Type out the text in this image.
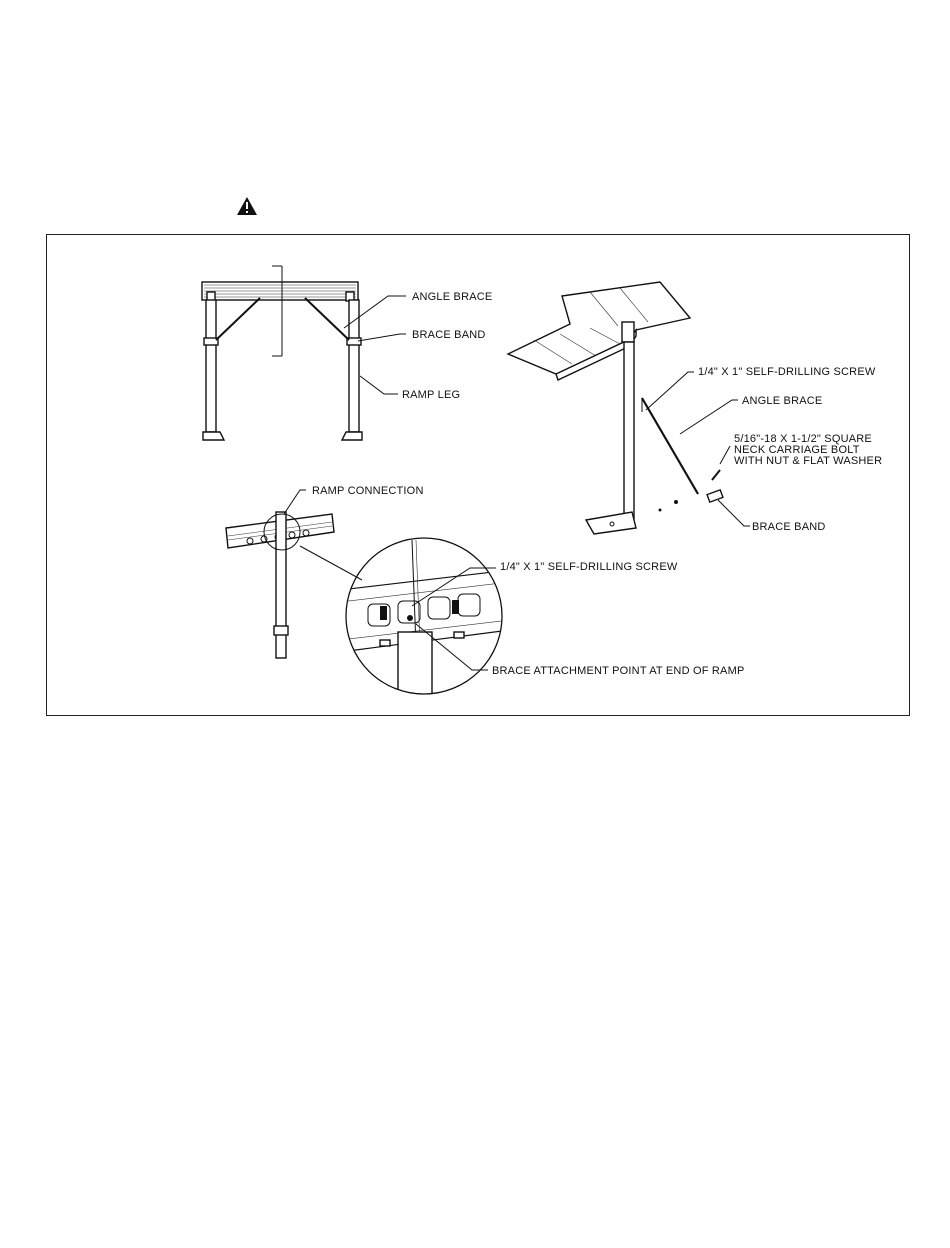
ANGLE BRACE
BRACE BAND
RAMP LEG
1/4" X 1" SELF-DRILLING SCREW
ANGLE BRACE
5/16"-18 X 1-1/2" SQUARE
NECK CARRIAGE BOLT
WITH NUT & FLAT WASHER
BRACE BAND
RAMP CONNECTION
1/4" X 1" SELF-DRILLING SCREW
BRACE ATTACHMENT POINT AT END OF RAMP
